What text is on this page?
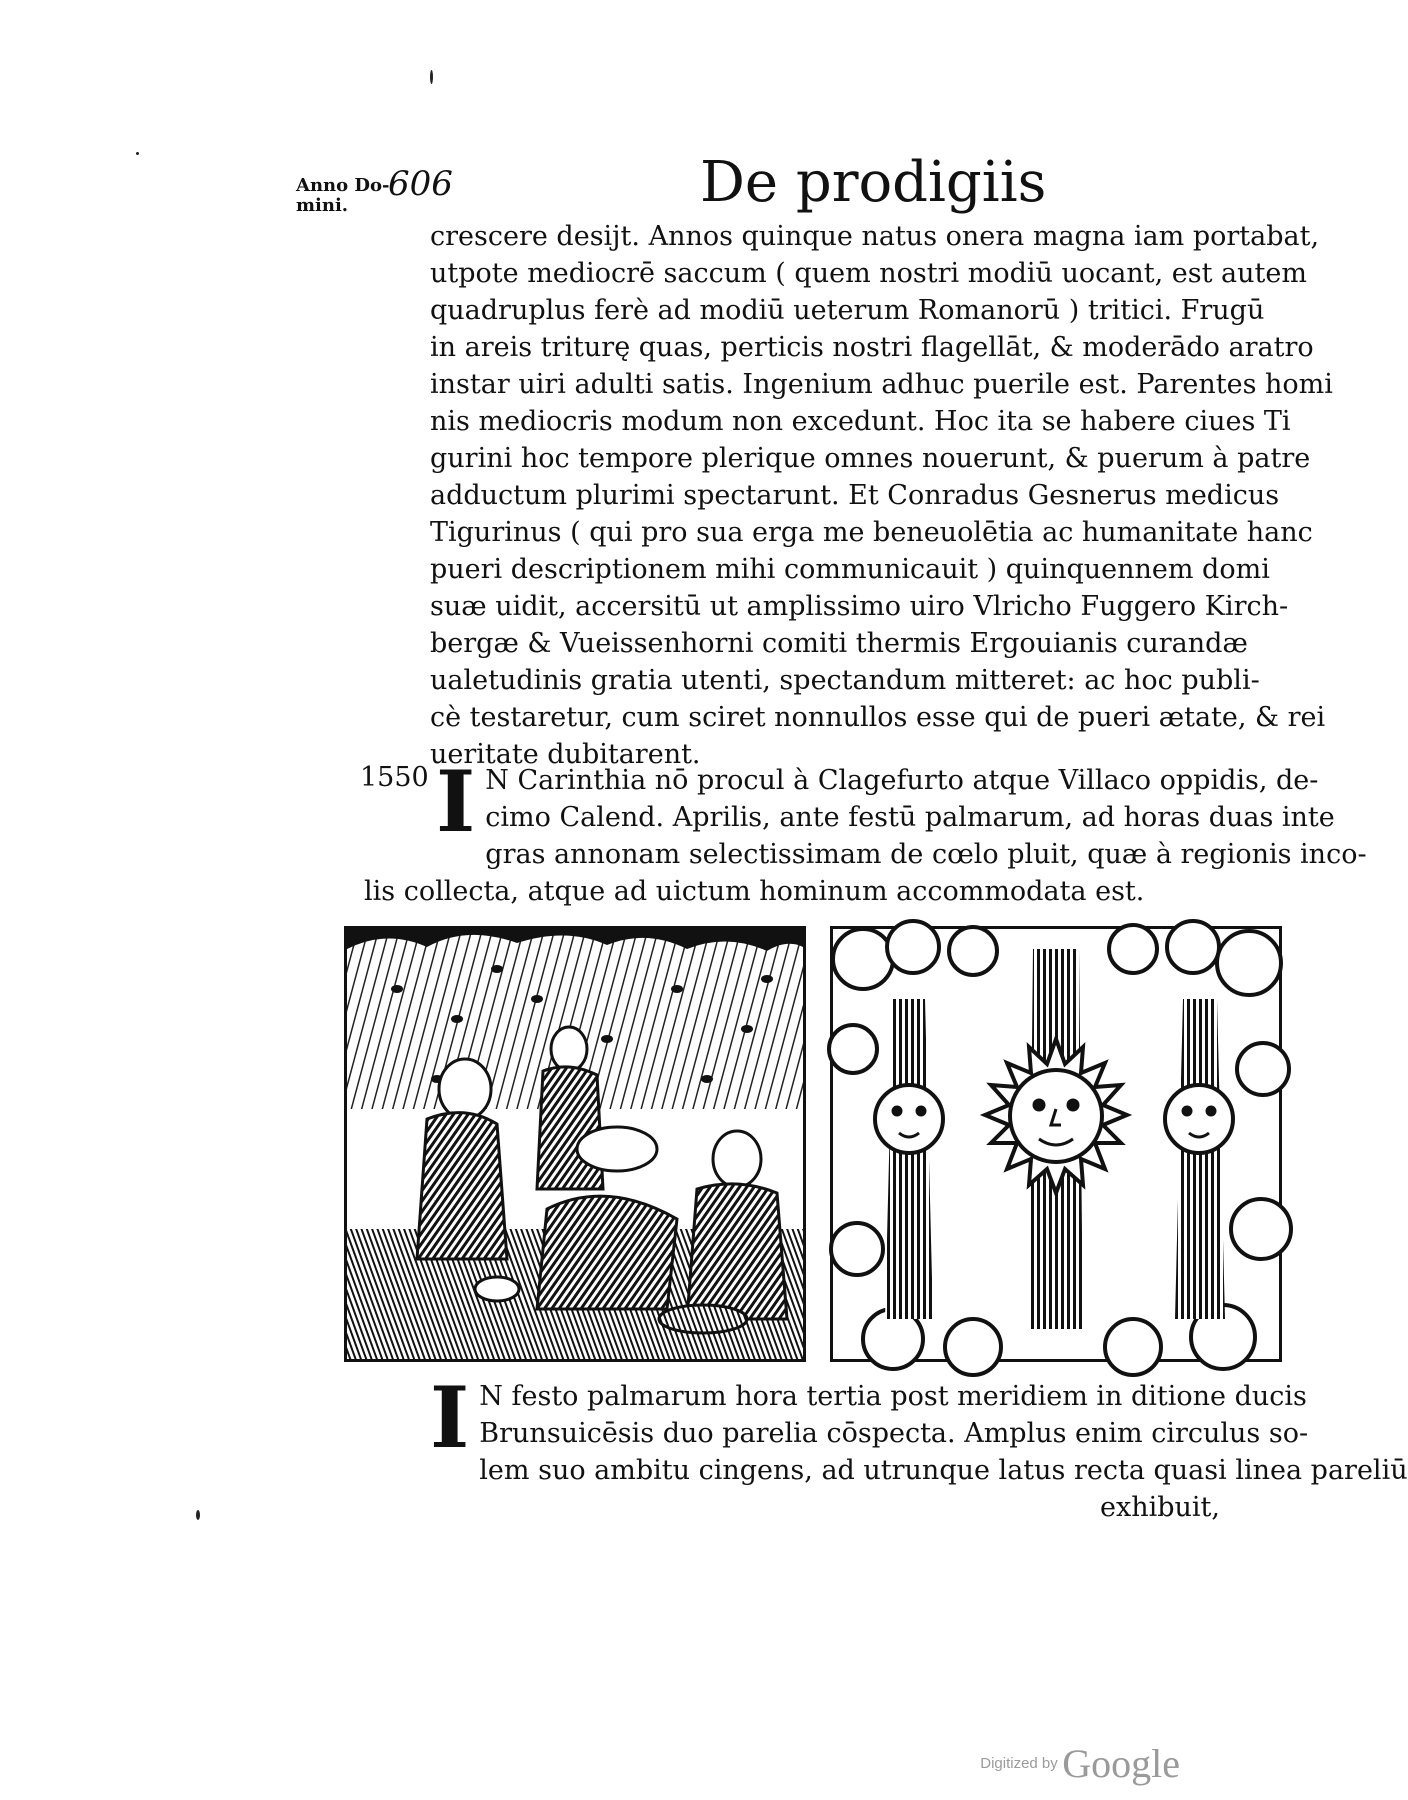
Anno Do-
mini.
606	De prodigiis
crescere desijt. Annos quinque natus onera magna iam portabat,
utpote mediocrē saccum ( quem nostri modiū uocant, est autem
quadruplus ferè ad modiū ueterum Romanorū ) tritici. Frugū
in areis triturę quas, perticis nostri flagellāt, & moderādo aratro
instar uiri adulti satis. Ingenium adhuc puerile est. Parentes homi
nis mediocris modum non excedunt. Hoc ita se habere ciues Ti
gurini hoc tempore plerique omnes nouerunt, & puerum à patre
adductum plurimi spectarunt. Et Conradus Gesnerus medicus
Tigurinus ( qui pro sua erga me beneuolētia ac humanitate hanc
pueri descriptionem mihi communicauit ) quinquennem domi
suæ uidit, accersitū ut amplissimo uiro Vlricho Fuggero Kirch-
bergæ & Vueissenhorni comiti thermis Ergouianis curandæ
ualetudinis gratia utenti, spectandum mitteret: ac hoc publi-
cè testaretur, cum sciret nonnullos esse qui de pueri ætate, & rei
ueritate dubitarent.
1550 I N Carinthia nō procul à Clagefurto atque Villaco oppidis, de-
cimo Calend. Aprilis, ante festū palmarum, ad horas duas inte
gras annonam selectissimam de cœlo pluit, quæ à regionis inco-
lis collecta, atque ad uictum hominum accommodata est.
I N festo palmarum hora tertia post meridiem in ditione ducis
Brunsuicēsis duo parelia cōspecta. Amplus enim circulus so-
lem suo ambitu cingens, ad utrunque latus recta quasi linea pareliū
exhibuit,
Digitized by Google
